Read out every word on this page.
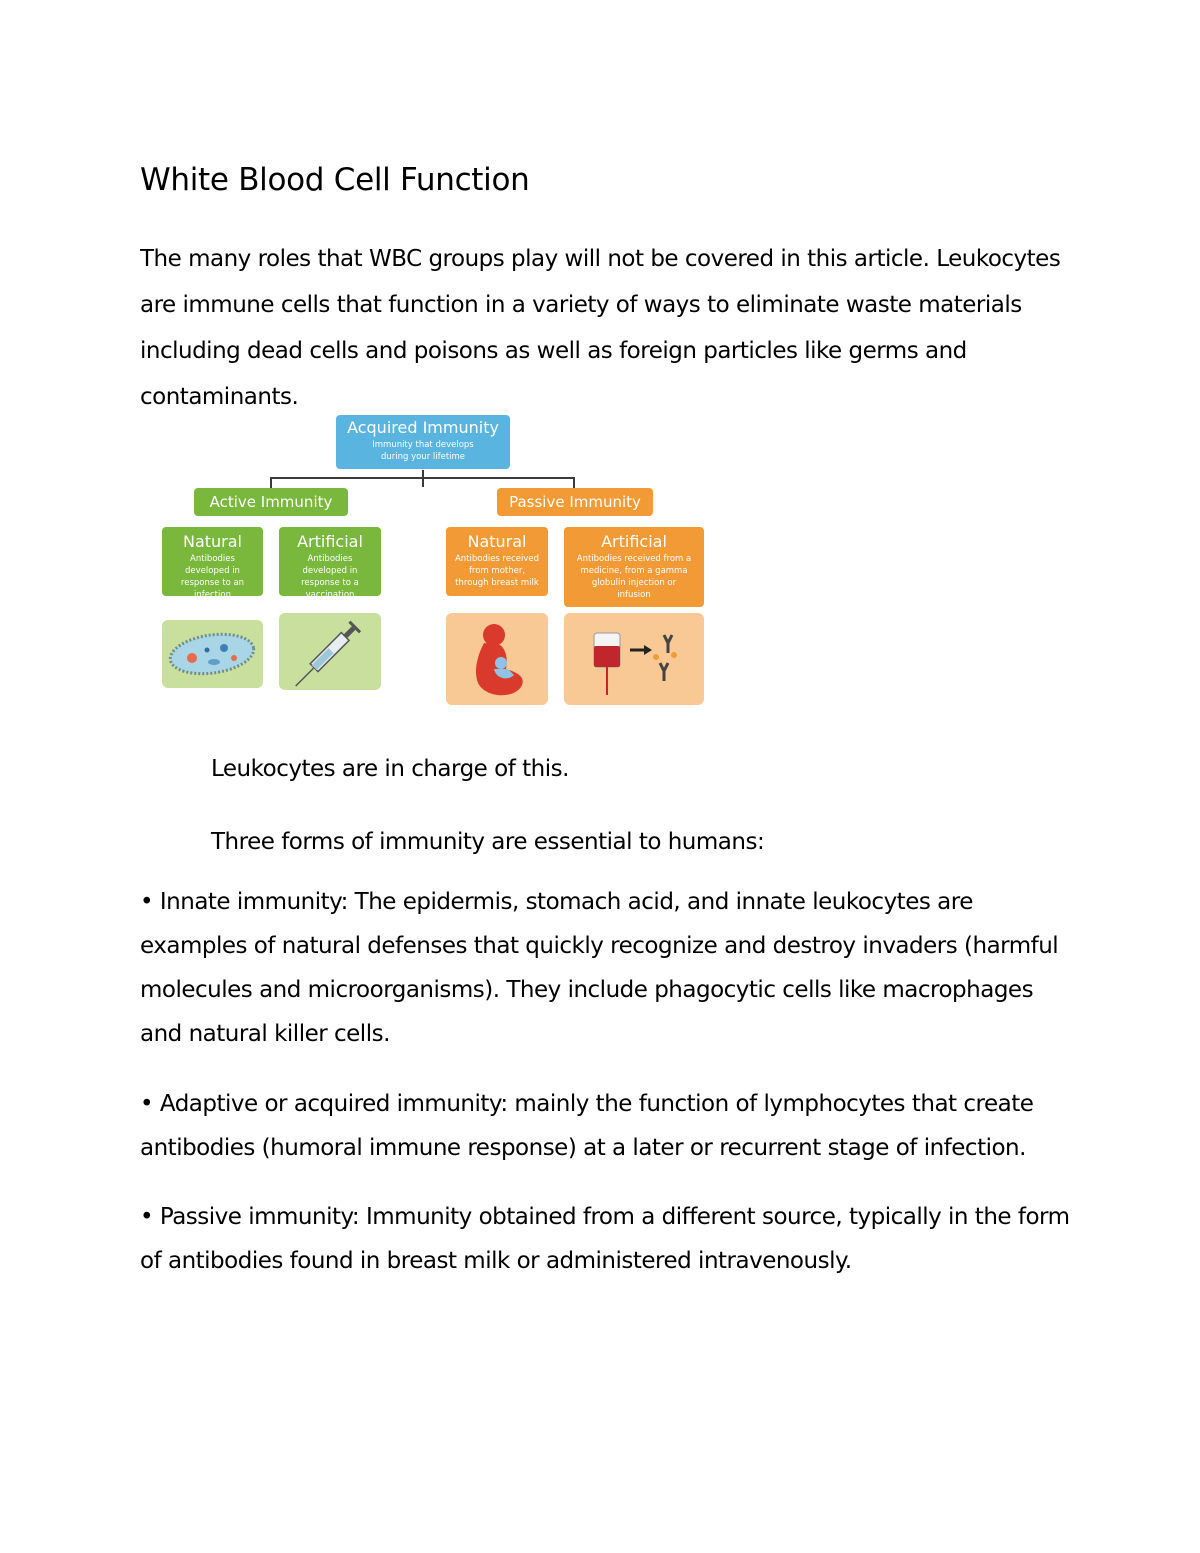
White Blood Cell Function

The many roles that WBC groups play will not be covered in this article. Leukocytes are immune cells that function in a variety of ways to eliminate waste materials including dead cells and poisons as well as foreign particles like germs and contaminants.

Acquired Immunity
Immunity that develops during your lifetime
Active Immunity	Passive Immunity
Natural
Antibodies developed in response to an infection
Artificial
Antibodies developed in response to a vaccination
Natural
Antibodies received from mother, through breast milk
Artificial
Antibodies received from a medicine, from a gamma globulin injection or infusion

Leukocytes are in charge of this.

Three forms of immunity are essential to humans:

• Innate immunity: The epidermis, stomach acid, and innate leukocytes are examples of natural defenses that quickly recognize and destroy invaders (harmful molecules and microorganisms). They include phagocytic cells like macrophages and natural killer cells.

• Adaptive or acquired immunity: mainly the function of lymphocytes that create antibodies (humoral immune response) at a later or recurrent stage of infection.

• Passive immunity: Immunity obtained from a different source, typically in the form of antibodies found in breast milk or administered intravenously.
